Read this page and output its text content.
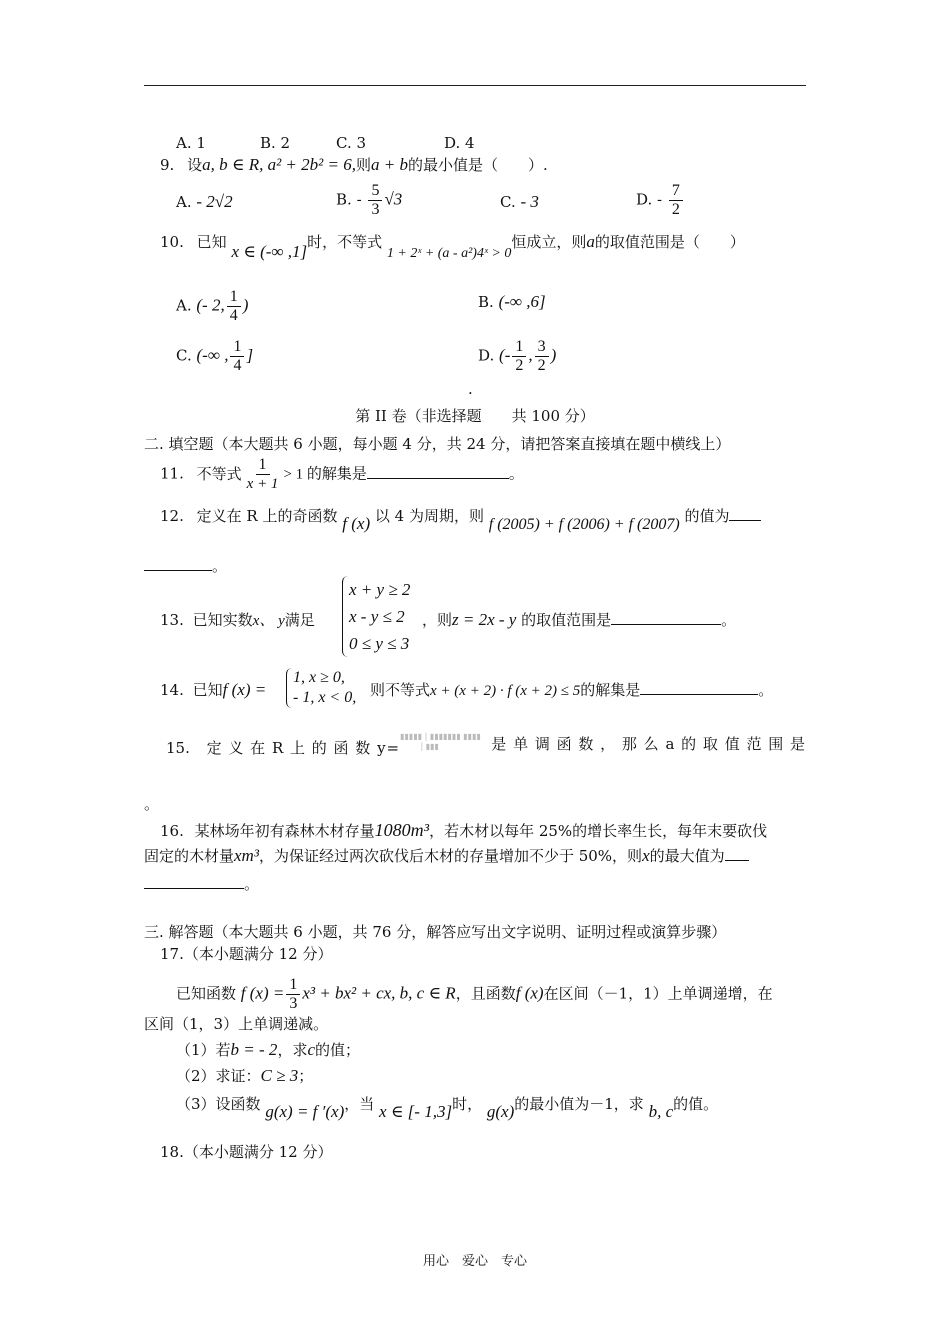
A. 1	B. 2	C. 3	D. 4
9. 设a, b ∈ R, a² + 2b² = 6,则a + b的最小值是（　　）.
A. - 2√2	B. - $\frac{5}{3} √3$	C. - 3	D. - $\frac{7}{2}$
10. 已知 x ∈ (-∞ ,1]时，不等式 1 + 2ˣ + (a - a²)4ˣ > 0恒成立，则a的取值范围是（　　）
A. (- 2, $\frac{1}{4}$ )	B. (-∞ ,6]
C. (-∞ , $\frac{1}{4}$ ]	D. (- $\frac{1}{2}$ , $\frac{3}{2}$ )
·
第 II 卷（非选择题　　共 100 分）
二. 填空题（本大题共 6 小题，每小题 4 分，共 24 分，请把答案直接填在题中横线上）
11. 不等式 $\frac{1}{x + 1} > 1$ 的解集是	。
12. 定义在 R 上的奇函数 f (x) 以 4 为周期，则 f (2005) + f (2006) + f (2007) 的值为
。
13. 已知实数x、 y满足
x + y ≥ 2
x - y ≤ 2
0 ≤ y ≤ 3
，则z = 2x - y 的取值范围是	。
14. 已知f (x) =
1, x ≥ 0,
- 1, x < 0, 则不等式x + (x + 2) · f (x + 2) ≤ 5的解集是	。
15. 定 义 在 R 上 的 函 数 y=▮▮▮▮▮ | ▮▮▮▮▮▮▮ ▮▮▮▮
| ▮▮▮	是 单 调 函 数 ， 那 么 a 的 取 值 范 围 是
。
16. 某林场年初有森林木材存量1080m³，若木材以每年 25%的增长率生长，每年末要砍伐
固定的木材量xm³，为保证经过两次砍伐后木材的存量增加不少于 50%，则x的最大值为
。
三. 解答题（本大题共 6 小题，共 76 分，解答应写出文字说明、证明过程或演算步骤）
17.（本小题满分 12 分）
已知函数 f $(x) = \frac{1}{3} x^3 + bx^2$ + cx, b, c ∈ R，且函数f (x)在区间（－1，1）上单调递增，在
区间（1，3）上单调递减。
（1）若b = - 2，求c的值；
（2）求证：C ≥ 3；
（3）设函数 g(x) = f ′(x)，当 x ∈ [- 1,3]时， g(x)的最小值为－1，求 b, c的值。
18.（本小题满分 12 分）
用心　爱心　专心
